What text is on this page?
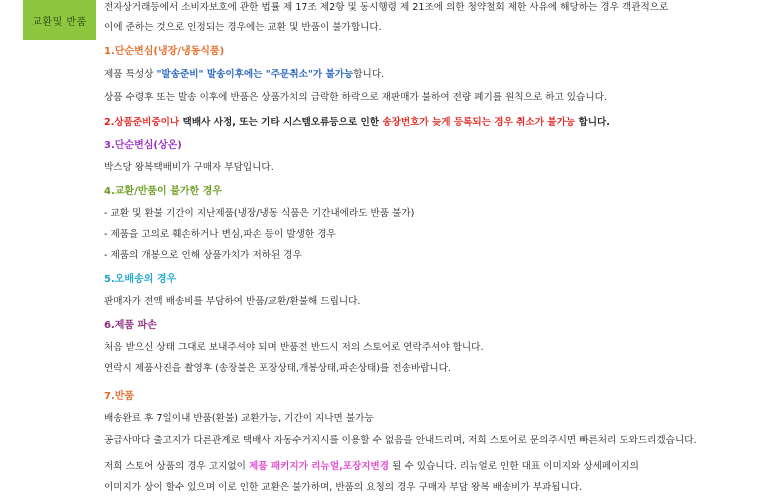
교환및 반품
전자상거래등에서 소비자보호에 관한 법률 제 17조 제2항 및 동시행령 제 21조에 의한 청약철회 제한 사유에 해당하는 경우 객관적으로
이에 준하는 것으로 인정되는 경우에는 교환 및 반품이 불가합니다.
1.단순변심(냉장/냉동식품)
제품 특성상 "발송준비" 발송이후에는 "주문취소"가 불가능합니다.
상품 수령후 또는 발송 이후에 반품은 상품가치의 급락한 하락으로 재판매가 불하여 전량 폐기를 원칙으로 하고 있습니다.
2.상품준비중이나 택배사 사정, 또는 기타 시스템오류등으로 인한 송장번호가 늦게 등록되는 경우 취소가 불가능 합니다.
3.단순변심(상온)
박스당 왕복택배비가 구매자 부담입니다.
4.교환/반품이 불가한 경우
- 교환 및 환불 기간이 지난제품(냉장/냉동 식품은 기간내에라도 반품 불가)
- 제품을 고의로 훼손하거나 변심,파손 등이 발생한 경우
- 제품의 개봉으로 인해 상품가치가 저하된 경우
5.오배송의 경우
판매자가 전액 배송비를 부담하여 반품/교환/환불해 드립니다.
6.제품 파손
처음 받으신 상태 그대로 보내주셔야 되며 반품전 반드시 저의 스토어로 연락주셔야 합니다.
연락시 제품사진을 촬영후 (송장불은 포장상태,개봉상태,파손상태)를 전송바랍니다.
7.반품
배송완료 후 7일이내 반품(환불) 교환가능, 기간이 지나면 불가능
공급사마다 출고지가 다른관계로 택배사 자동수거지시를 이용할 수 없음을 안내드리며, 저희 스토어로 문의주시면 빠른처리 도와드리겠습니다.
저희 스토어 상품의 경우 고지없이 제품 패키지가 리뉴얼,포장지변경 될 수 있습니다. 리뉴얼로 인한 대표 이미지와 상세페이지의
이미지가 상이 할수 있으며 이로 인한 교환은 불가하며, 반품의 요청의 경우 구매자 부담 왕복 배송비가 부과됩니다.
